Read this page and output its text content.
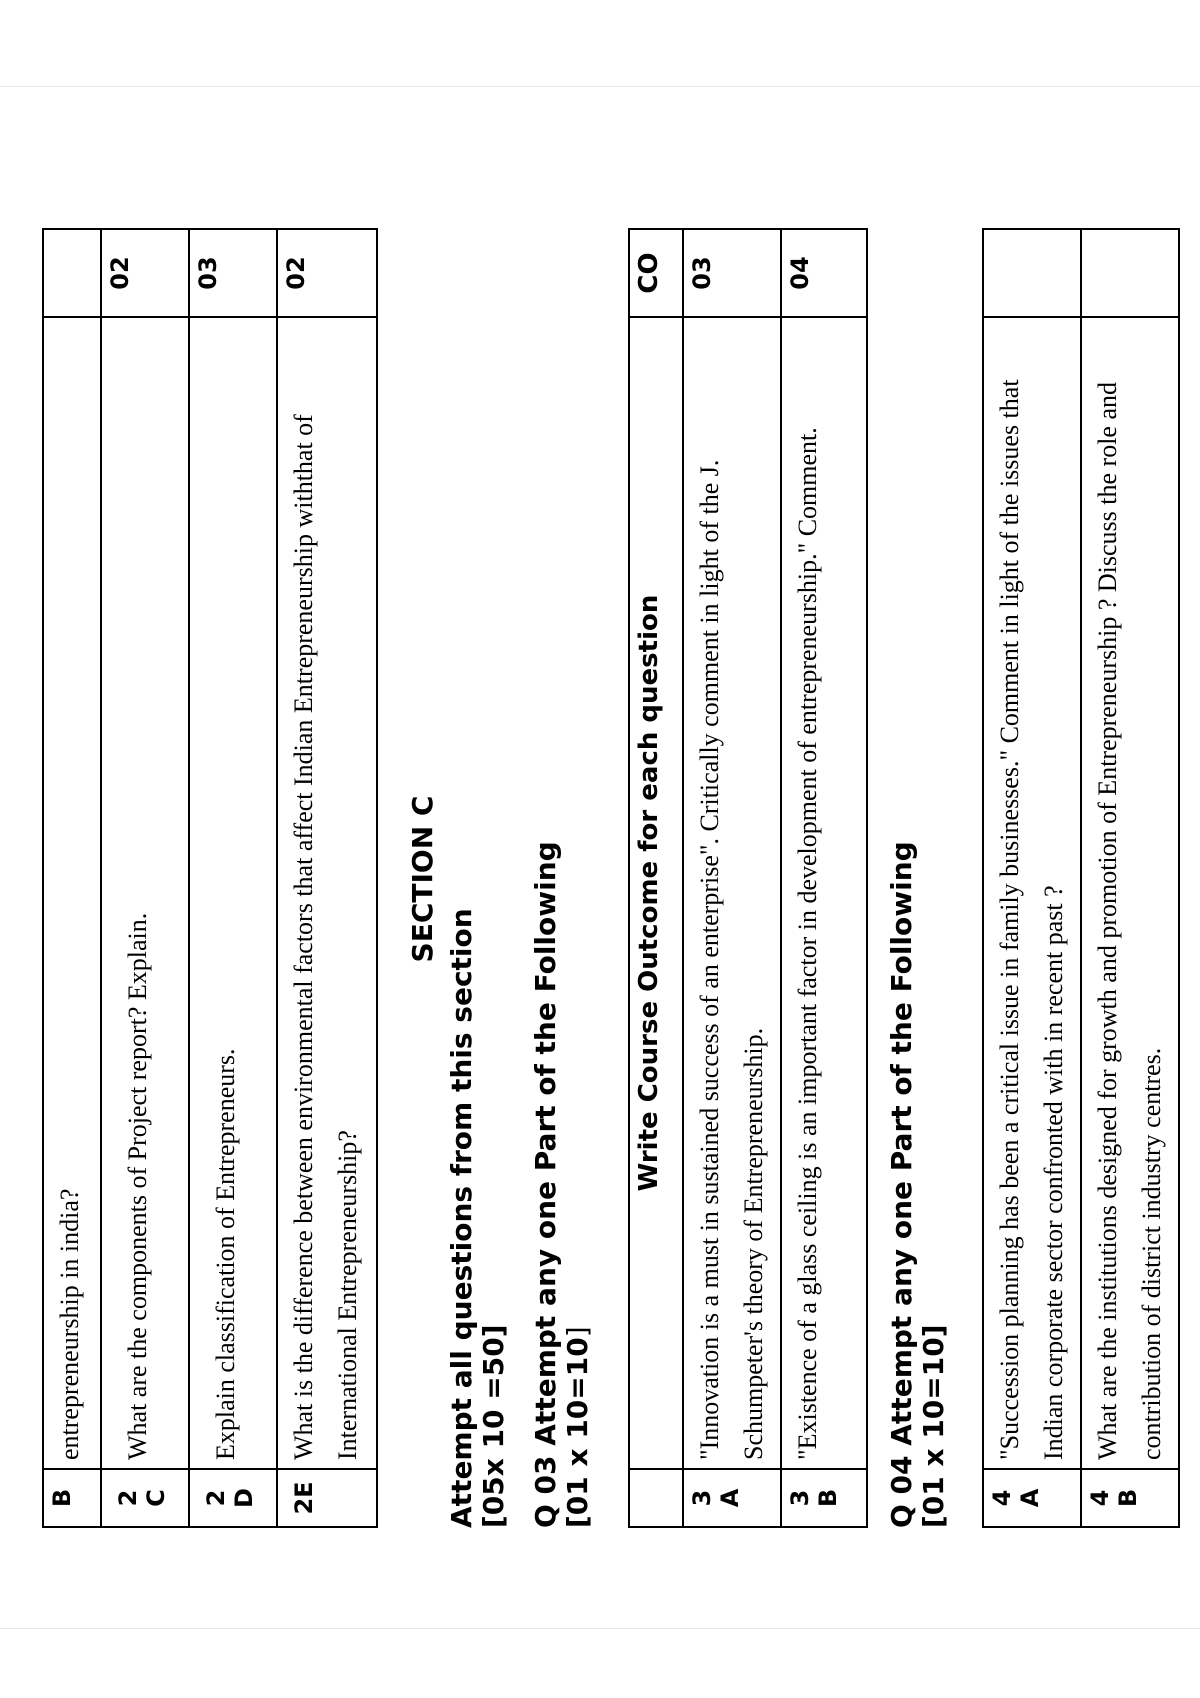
B	entrepreneurship in india?	
2 C	What are the components of Project report? Explain.	02
2 D	Explain classification of Entrepreneurs.	03
2E	What is the difference between environmental factors that affect Indian Entrepreneurship withthat of International Entrepreneurship?	02
SECTION C
Attempt all questions from this section [05x 10 =50] Q 03 Attempt any one Part of the Following [01 x 10=10]
	Write Course Outcome for each question	CO
3 A	"Innovation is a must in sustained success of an enterprise". Critically comment in light of the J. Schumpeter's theory of Entrepreneurship.	03
3 B	"Existence of a glass ceiling is an important factor in development of entrepreneurship." Comment.	04
Q 04 Attempt any one Part of the Following [01 x 10=10] 4 A	"Succession planning has been a critical issue in family businesses." Comment in light of the issues that Indian corporate sector confronted with in recent past ?	
4 B	What are the institutions designed for growth and promotion of Entrepreneurship ? Discuss the role and contribution of district industry centres.	
